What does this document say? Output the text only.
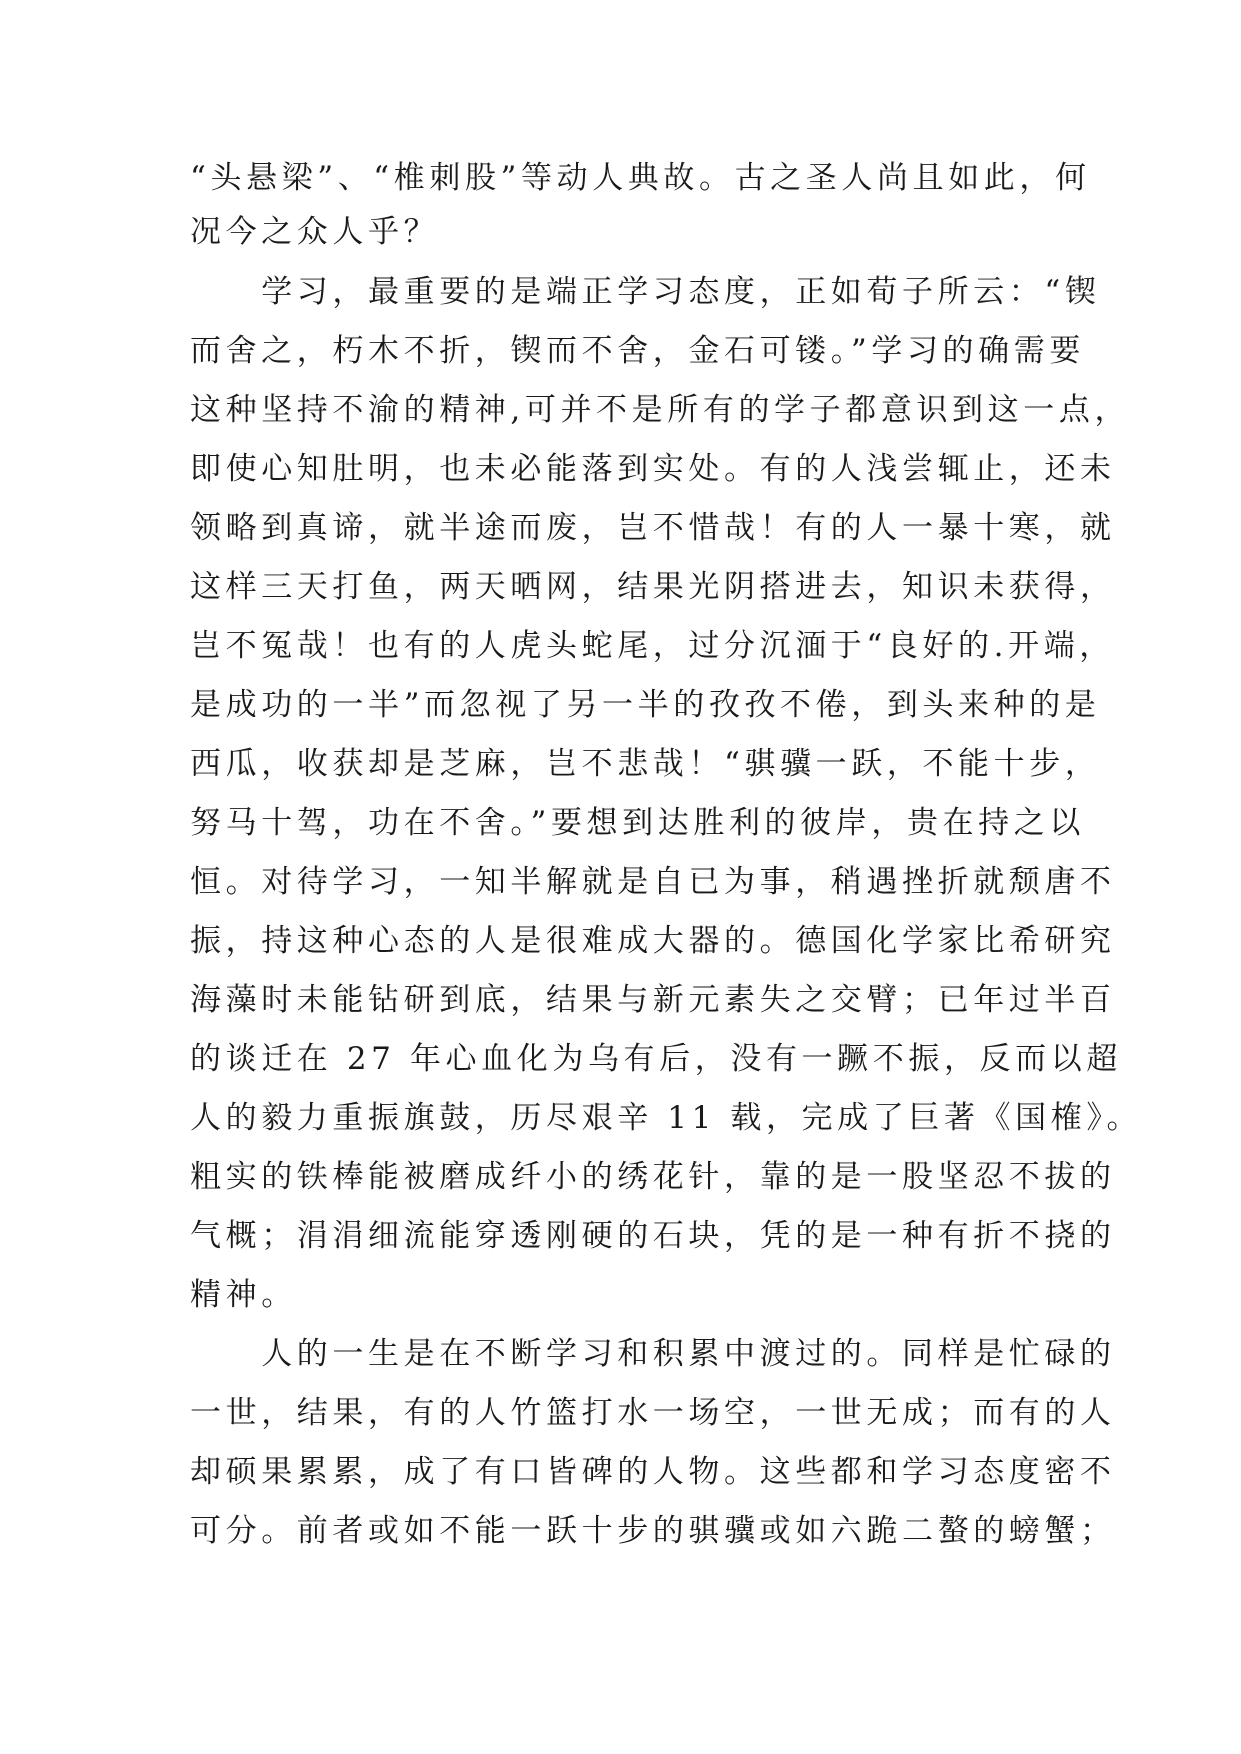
“头悬梁”、“椎刺股”等动人典故。古之圣人尚且如此，何
况今之众人乎？
　　学习，最重要的是端正学习态度，正如荀子所云：“锲
而舍之，朽木不折，锲而不舍，金石可镂。”学习的确需要
这种坚持不渝的精神,可并不是所有的学子都意识到这一点，
即使心知肚明，也未必能落到实处。有的人浅尝辄止，还未
领略到真谛，就半途而废，岂不惜哉！有的人一暴十寒，就
这样三天打鱼，两天晒网，结果光阴搭进去，知识未获得，
岂不冤哉！也有的人虎头蛇尾，过分沉湎于“良好的.开端，
是成功的一半”而忽视了另一半的孜孜不倦，到头来种的是
西瓜，收获却是芝麻，岂不悲哉！“骐骥一跃，不能十步，
努马十驾，功在不舍。”要想到达胜利的彼岸，贵在持之以
恒。对待学习，一知半解就是自已为事，稍遇挫折就颓唐不
振，持这种心态的人是很难成大器的。德国化学家比希研究
海藻时未能钻研到底，结果与新元素失之交臂；已年过半百
的谈迁在 27 年心血化为乌有后，没有一蹶不振，反而以超
人的毅力重振旗鼓，历尽艰辛 11 载，完成了巨著《国榷》。
粗实的铁棒能被磨成纤小的绣花针，靠的是一股坚忍不拔的
气概；涓涓细流能穿透刚硬的石块，凭的是一种有折不挠的
精神。
　　人的一生是在不断学习和积累中渡过的。同样是忙碌的
一世，结果，有的人竹篮打水一场空，一世无成；而有的人
却硕果累累，成了有口皆碑的人物。这些都和学习态度密不
可分。前者或如不能一跃十步的骐骥或如六跪二螯的螃蟹；
